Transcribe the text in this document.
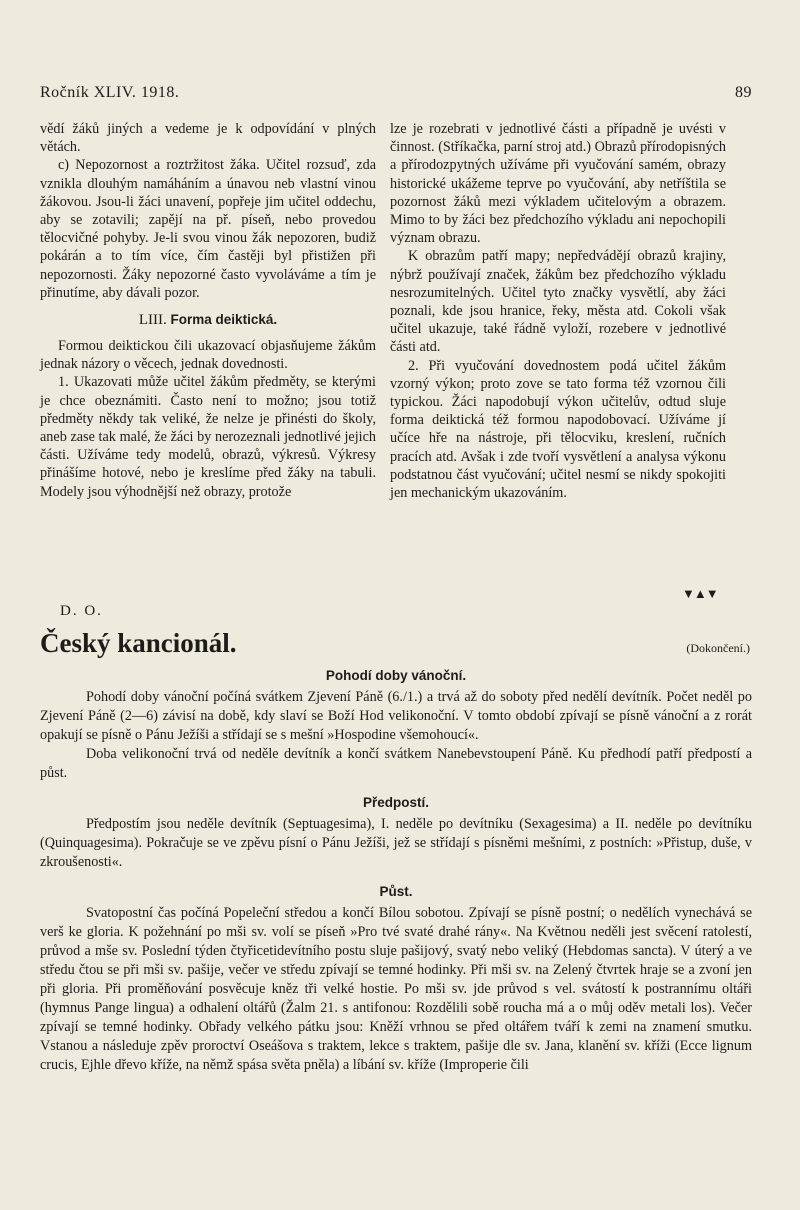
Ročník XLIV. 1918.	89

vědí žáků jiných a vedeme je k odpovídání v plných větách.

c) Nepozornost a roztržitost žáka. Učitel rozsuď, zda vznikla dlouhým namáháním a únavou neb vlastní vinou žákovou. Jsou-li žáci unavení, popřeje jim učitel oddechu, aby se zotavili; zapějí na př. píseň, nebo provedou tělocvičné pohyby. Je-li svou vinou žák nepozoren, budiž pokárán a to tím více, čím častěji byl přistižen při nepozornosti. Žáky nepozorné často vyvoláváme a tím je přinutíme, aby dávali pozor.

LIII. Forma deiktická.

Formou deiktickou čili ukazovací objasňujeme žákům jednak názory o věcech, jednak dovednosti.

1. Ukazovati může učitel žákům předměty, se kterými je chce obeznámiti. Často není to možno; jsou totiž předměty někdy tak veliké, že nelze je přinésti do školy, aneb zase tak malé, že žáci by nerozeznali jednotlivé jejich části. Užíváme tedy modelů, obrazů, výkresů. Výkresy přinášíme hotové, nebo je kreslíme před žáky na tabuli. Modely jsou výhodnější než obrazy, protože

lze je rozebrati v jednotlivé části a případně je uvésti v činnost. (Stříkačka, parní stroj atd.) Obrazů přírodopisných a přírodozpytných užíváme při vyučování samém, obrazy historické ukážeme teprve po vyučování, aby netříštila se pozornost žáků mezi výkladem učitelovým a obrazem. Mimo to by žáci bez předchozího výkladu ani nepochopili význam obrazu.

K obrazům patří mapy; nepředvádějí obrazů krajiny, nýbrž používají značek, žákům bez předchozího výkladu nesrozumitelných. Učitel tyto značky vysvětlí, aby žáci poznali, kde jsou hranice, řeky, města atd. Cokoli však učitel ukazuje, také řádně vyloží, rozebere v jednotlivé části atd.

2. Při vyučování dovednostem podá učitel žákům vzorný výkon; proto zove se tato forma též vzornou čili typickou. Žáci napodobují výkon učitelův, odtud sluje forma deiktická též formou napodobovací. Užíváme jí učíce hře na nástroje, při tělocviku, kreslení, ručních pracích atd. Avšak i zde tvoří vysvětlení a analysa výkonu podstatnou část vyučování; učitel nesmí se nikdy spokojiti jen mechanickým ukazováním.

▼▲▼
D. O.
Český kancionál.	(Dokončení.)
Pohodí doby vánoční.

Pohodí doby vánoční počíná svátkem Zjevení Páně (6./1.) a trvá až do soboty před nedělí devítník. Počet neděl po Zjevení Páně (2—6) závisí na době, kdy slaví se Boží Hod velikonoční. V tomto období zpívají se písně vánoční a z rorát opakují se písně o Pánu Ježíši a střídají se s mešní »Hospodine všemohoucí«.

Doba velikonoční trvá od neděle devítník a končí svátkem Nanebevstoupení Páně. Ku předhodí patří předpostí a půst.

Předpostí.

Předpostím jsou neděle devítník (Septuagesima), I. neděle po devítníku (Sexagesima) a II. neděle po devítníku (Quinquagesima). Pokračuje se ve zpěvu písní o Pánu Ježíši, jež se střídají s písněmi mešními, z postních: »Přistup, duše, v zkroušenosti«.

Půst.

Svatopostní čas počíná Popeleční středou a končí Bílou sobotou. Zpívají se písně postní; o nedělích vynechává se verš ke gloria. K požehnání po mši sv. volí se píseň »Pro tvé svaté drahé rány«. Na Květnou neděli jest svěcení ratolestí, průvod a mše sv. Poslední týden čtyřicetidevítního postu sluje pašijový, svatý nebo veliký (Hebdomas sancta). V úterý a ve středu čtou se při mši sv. pašije, večer ve středu zpívají se temné hodinky. Při mši sv. na Zelený čtvrtek hraje se a zvoní jen při gloria. Při proměňování posvěcuje kněz tři velké hostie. Po mši sv. jde průvod s vel. svátostí k postrannímu oltáři (hymnus Pange lingua) a odhalení oltářů (Žalm 21. s antifonou: Rozdělili sobě roucha má a o můj oděv metali los). Večer zpívají se temné hodinky. Obřady velkého pátku jsou: Kněží vrhnou se před oltářem tváří k zemi na znamení smutku. Vstanou a následuje zpěv proroctví Oseášova s traktem, lekce s traktem, pašije dle sv. Jana, klanění sv. kříži (Ecce lignum crucis, Ejhle dřevo kříže, na němž spása světa pněla) a líbání sv. kříže (Improperie čili
